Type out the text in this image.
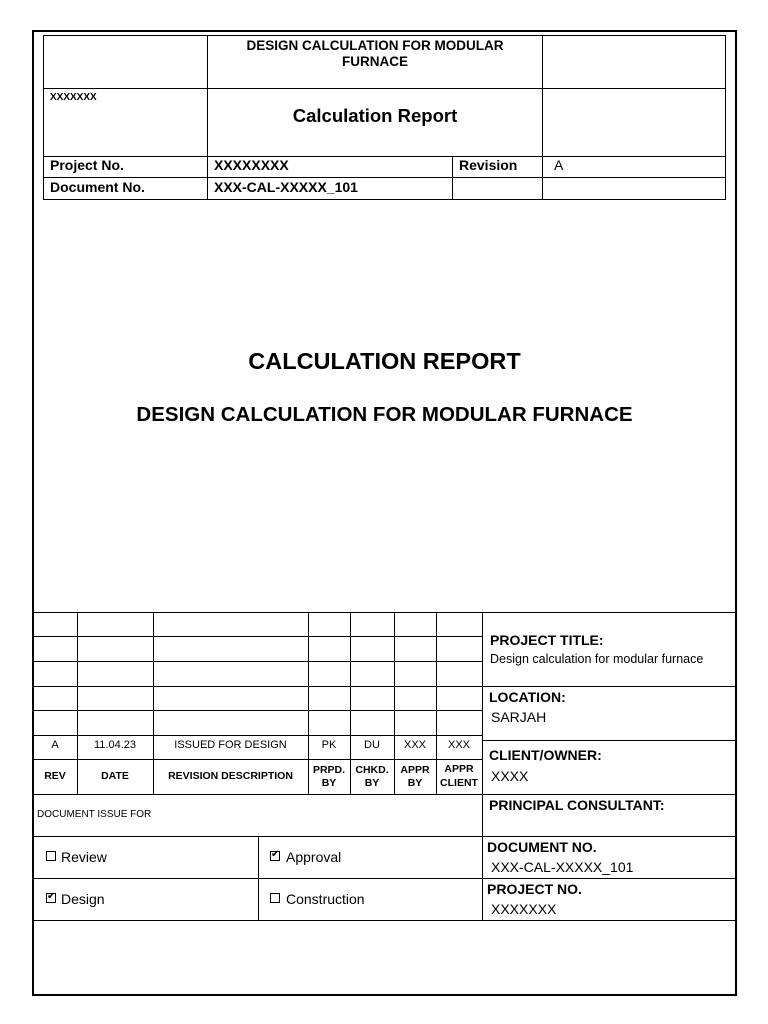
DESIGN CALCULATION FOR MODULAR
FURNACE
XXXXXXX
Calculation Report
Project No.	XXXXXXXX	Revision	A
Document No.	XXX-CAL-XXXXX_101
CALCULATION REPORT
DESIGN CALCULATION FOR MODULAR FURNACE
A	11.04.23	ISSUED FOR DESIGN	PK	DU	XXX	XXX
REV	DATE	REVISION DESCRIPTION	PRPD.
BY
CHKD.
BY
APPR
BY
APPR
CLIENT
PROJECT TITLE:
Design calculation for modular furnace
LOCATION:
SARJAH
CLIENT/OWNER:
XXXX
PRINCIPAL CONSULTANT:
DOCUMENT NO.
XXX-CAL-XXXXX_101
PROJECT NO.
XXXXXXX
DOCUMENT ISSUE FOR
Review
✔	Approval
✔
Design	Construction
